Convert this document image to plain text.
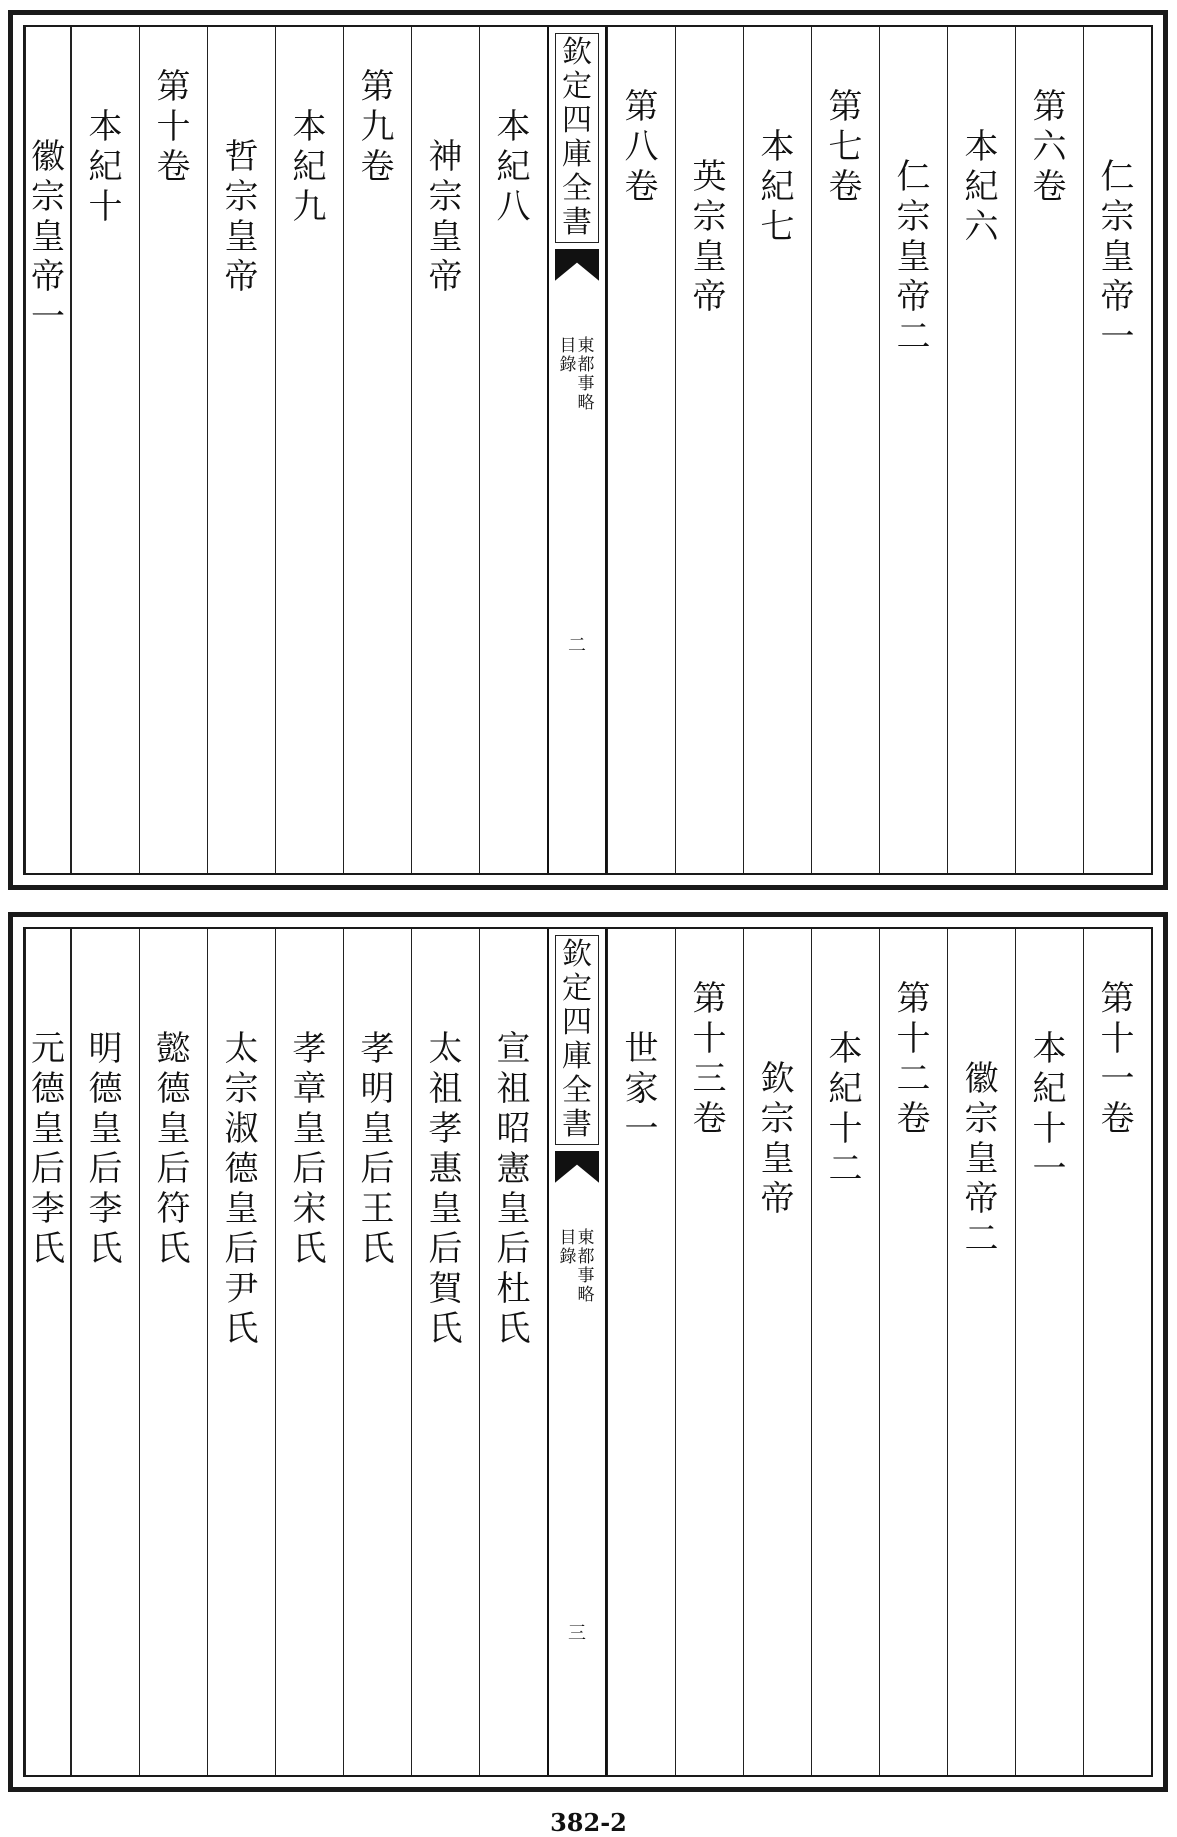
仁
宗
皇
帝
一
第
六
卷
本
紀
六
仁
宗
皇
帝
二
第
七
卷
本
紀
七
英
宗
皇
帝
第
八
卷
欽
定
四
庫
全
書
東
都
事
略
目
錄
二
本
紀
八
神
宗
皇
帝
第
九
卷
本
紀
九
哲
宗
皇
帝
第
十
卷
本
紀
十
徽
宗
皇
帝
一
第
十
一
卷
本
紀
十
一
徽
宗
皇
帝
二
第
十
二
卷
本
紀
十
二
欽
宗
皇
帝
第
十
三
卷
世
家
一
欽
定
四
庫
全
書
東
都
事
略
目
錄
三
宣
祖
昭
憲
皇
后
杜
氏
太
祖
孝
惠
皇
后
賀
氏
孝
明
皇
后
王
氏
孝
章
皇
后
宋
氏
太
宗
淑
德
皇
后
尹
氏
懿
德
皇
后
符
氏
明
德
皇
后
李
氏
元
德
皇
后
李
氏
382-2
